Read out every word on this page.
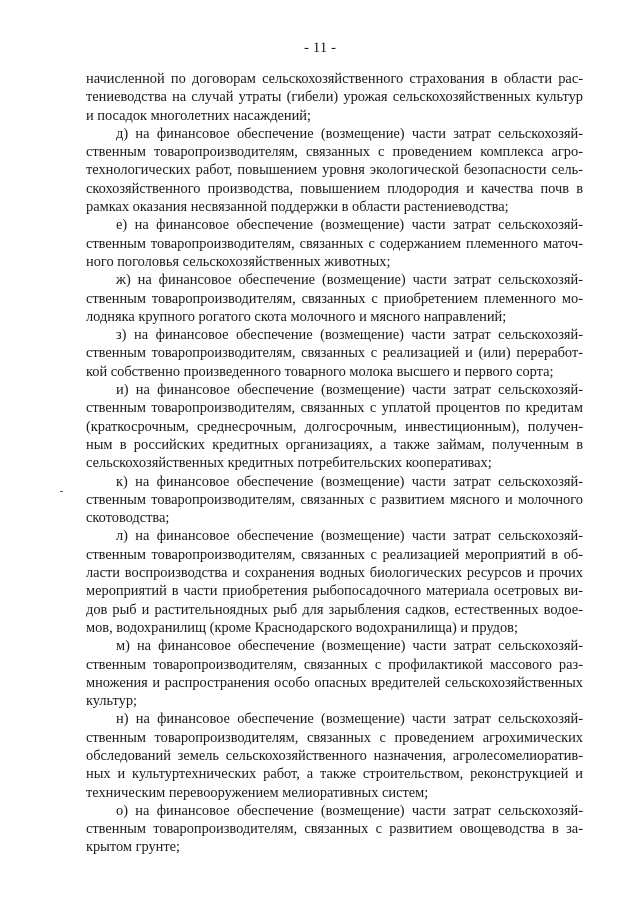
- 11 -

начисленной по договорам сельскохозяйственного страхования в области растениеводства на случай утраты (гибели) урожая сельскохозяйственных культур и посадок многолетних насаждений;

д) на финансовое обеспечение (возмещение) части затрат сельскохозяйственным товаропроизводителям, связанных с проведением комплекса агротехнологических работ, повышением уровня экологической безопасности сельскохозяйственного производства, повышением плодородия и качества почв в рамках оказания несвязанной поддержки в области растениеводства;

е) на финансовое обеспечение (возмещение) части затрат сельскохозяйственным товаропроизводителям, связанных с содержанием племенного маточного поголовья сельскохозяйственных животных;

ж) на финансовое обеспечение (возмещение) части затрат сельскохозяйственным товаропроизводителям, связанных с приобретением племенного молодняка крупного рогатого скота молочного и мясного направлений;

з) на финансовое обеспечение (возмещение) части затрат сельскохозяйственным товаропроизводителям, связанных с реализацией и (или) переработкой собственно произведенного товарного молока высшего и первого сорта;

и) на финансовое обеспечение (возмещение) части затрат сельскохозяйственным товаропроизводителям, связанных с уплатой процентов по кредитам (краткосрочным, среднесрочным, долгосрочным, инвестиционным), полученным в российских кредитных организациях, а также займам, полученным в сельскохозяйственных кредитных потребительских кооперативах;

к) на финансовое обеспечение (возмещение) части затрат сельскохозяйственным товаропроизводителям, связанных с развитием мясного и молочного скотоводства;

л) на финансовое обеспечение (возмещение) части затрат сельскохозяйственным товаропроизводителям, связанных с реализацией мероприятий в области воспроизводства и сохранения водных биологических ресурсов и прочих мероприятий в части приобретения рыбопосадочного материала осетровых видов рыб и растительноядных рыб для зарыбления садков, естественных водоемов, водохранилищ (кроме Краснодарского водохранилища) и прудов;

м) на финансовое обеспечение (возмещение) части затрат сельскохозяйственным товаропроизводителям, связанных с профилактикой массового размножения и распространения особо опасных вредителей сельскохозяйственных культур;

н) на финансовое обеспечение (возмещение) части затрат сельскохозяйственным товаропроизводителям, связанных с проведением агрохимических обследований земель сельскохозяйственного назначения, агролесомелиоративных и культуртехнических работ, а также строительством, реконструкцией и техническим перевооружением мелиоративных систем;

о) на финансовое обеспечение (возмещение) части затрат сельскохозяйственным товаропроизводителям, связанных с развитием овощеводства в закрытом грунте;
